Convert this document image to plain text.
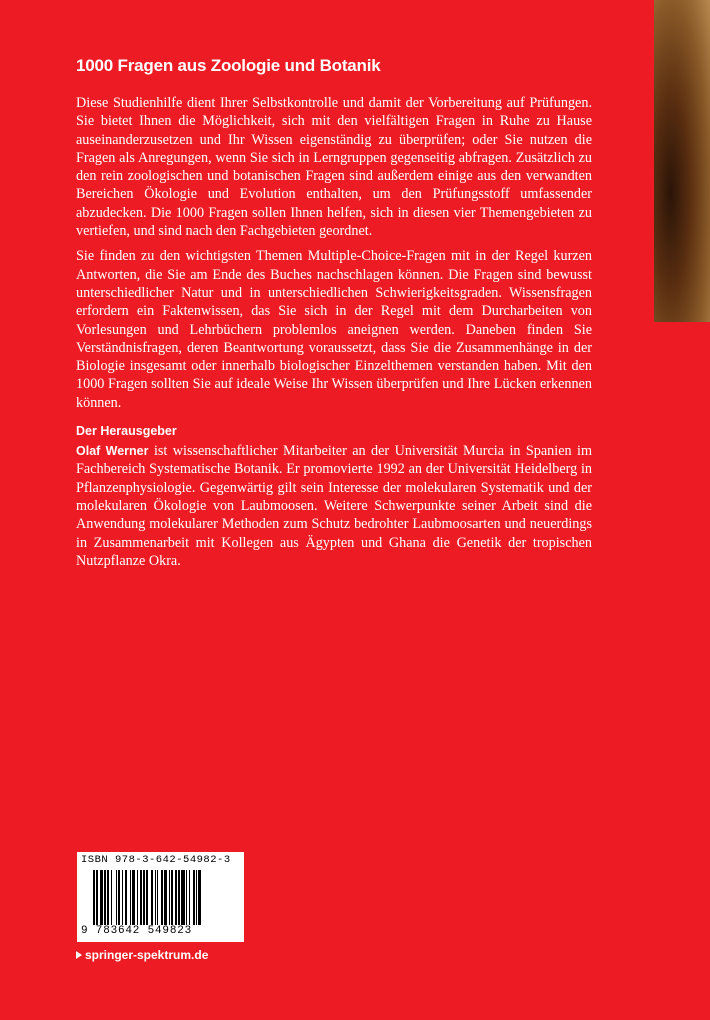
1000 Fragen aus Zoologie und Botanik

Diese Studienhilfe dient Ihrer Selbstkontrolle und damit der Vorbereitung auf Prüfungen. Sie bietet Ihnen die Möglichkeit, sich mit den vielfältigen Fragen in Ruhe zu Hause auseinanderzusetzen und Ihr Wissen eigenständig zu überprüfen; oder Sie nutzen die Fragen als Anregungen, wenn Sie sich in Lerngruppen gegenseitig abfragen. Zusätzlich zu den rein zoologischen und botanischen Fragen sind außerdem einige aus den verwandten Bereichen Ökologie und Evolution enthalten, um den Prüfungsstoff umfassender abzudecken. Die 1000 Fragen sollen Ihnen helfen, sich in diesen vier Themengebieten zu vertiefen, und sind nach den Fachgebieten geordnet.

Sie finden zu den wichtigsten Themen Multiple-Choice-Fragen mit in der Regel kurzen Antworten, die Sie am Ende des Buches nachschlagen können. Die Fragen sind bewusst unterschiedlicher Natur und in unterschiedlichen Schwierigkeitsgraden. Wissensfragen erfordern ein Faktenwissen, das Sie sich in der Regel mit dem Durcharbeiten von Vorlesungen und Lehrbüchern problemlos aneignen werden. Daneben finden Sie Verständnisfragen, deren Beantwortung voraussetzt, dass Sie die Zusammenhänge in der Biologie insgesamt oder innerhalb biologischer Einzelthemen verstanden haben. Mit den 1000 Fragen sollten Sie auf ideale Weise Ihr Wissen überprüfen und Ihre Lücken erkennen können.

Der Herausgeber

Olaf Werner ist wissenschaftlicher Mitarbeiter an der Universität Murcia in Spanien im Fachbereich Systematische Botanik. Er promovierte 1992 an der Universität Heidelberg in Pflanzenphysiologie. Gegenwärtig gilt sein Interesse der molekularen Systematik und der molekularen Ökologie von Laubmoosen. Weitere Schwerpunkte seiner Arbeit sind die Anwendung molekularer Methoden zum Schutz bedrohter Laubmoosarten und neuerdings in Zusammenarbeit mit Kollegen aus Ägypten und Ghana die Genetik der tropischen Nutzpflanze Okra.

ISBN 978-3-642-54982-3
9 783642 549823
springer-spektrum.de
